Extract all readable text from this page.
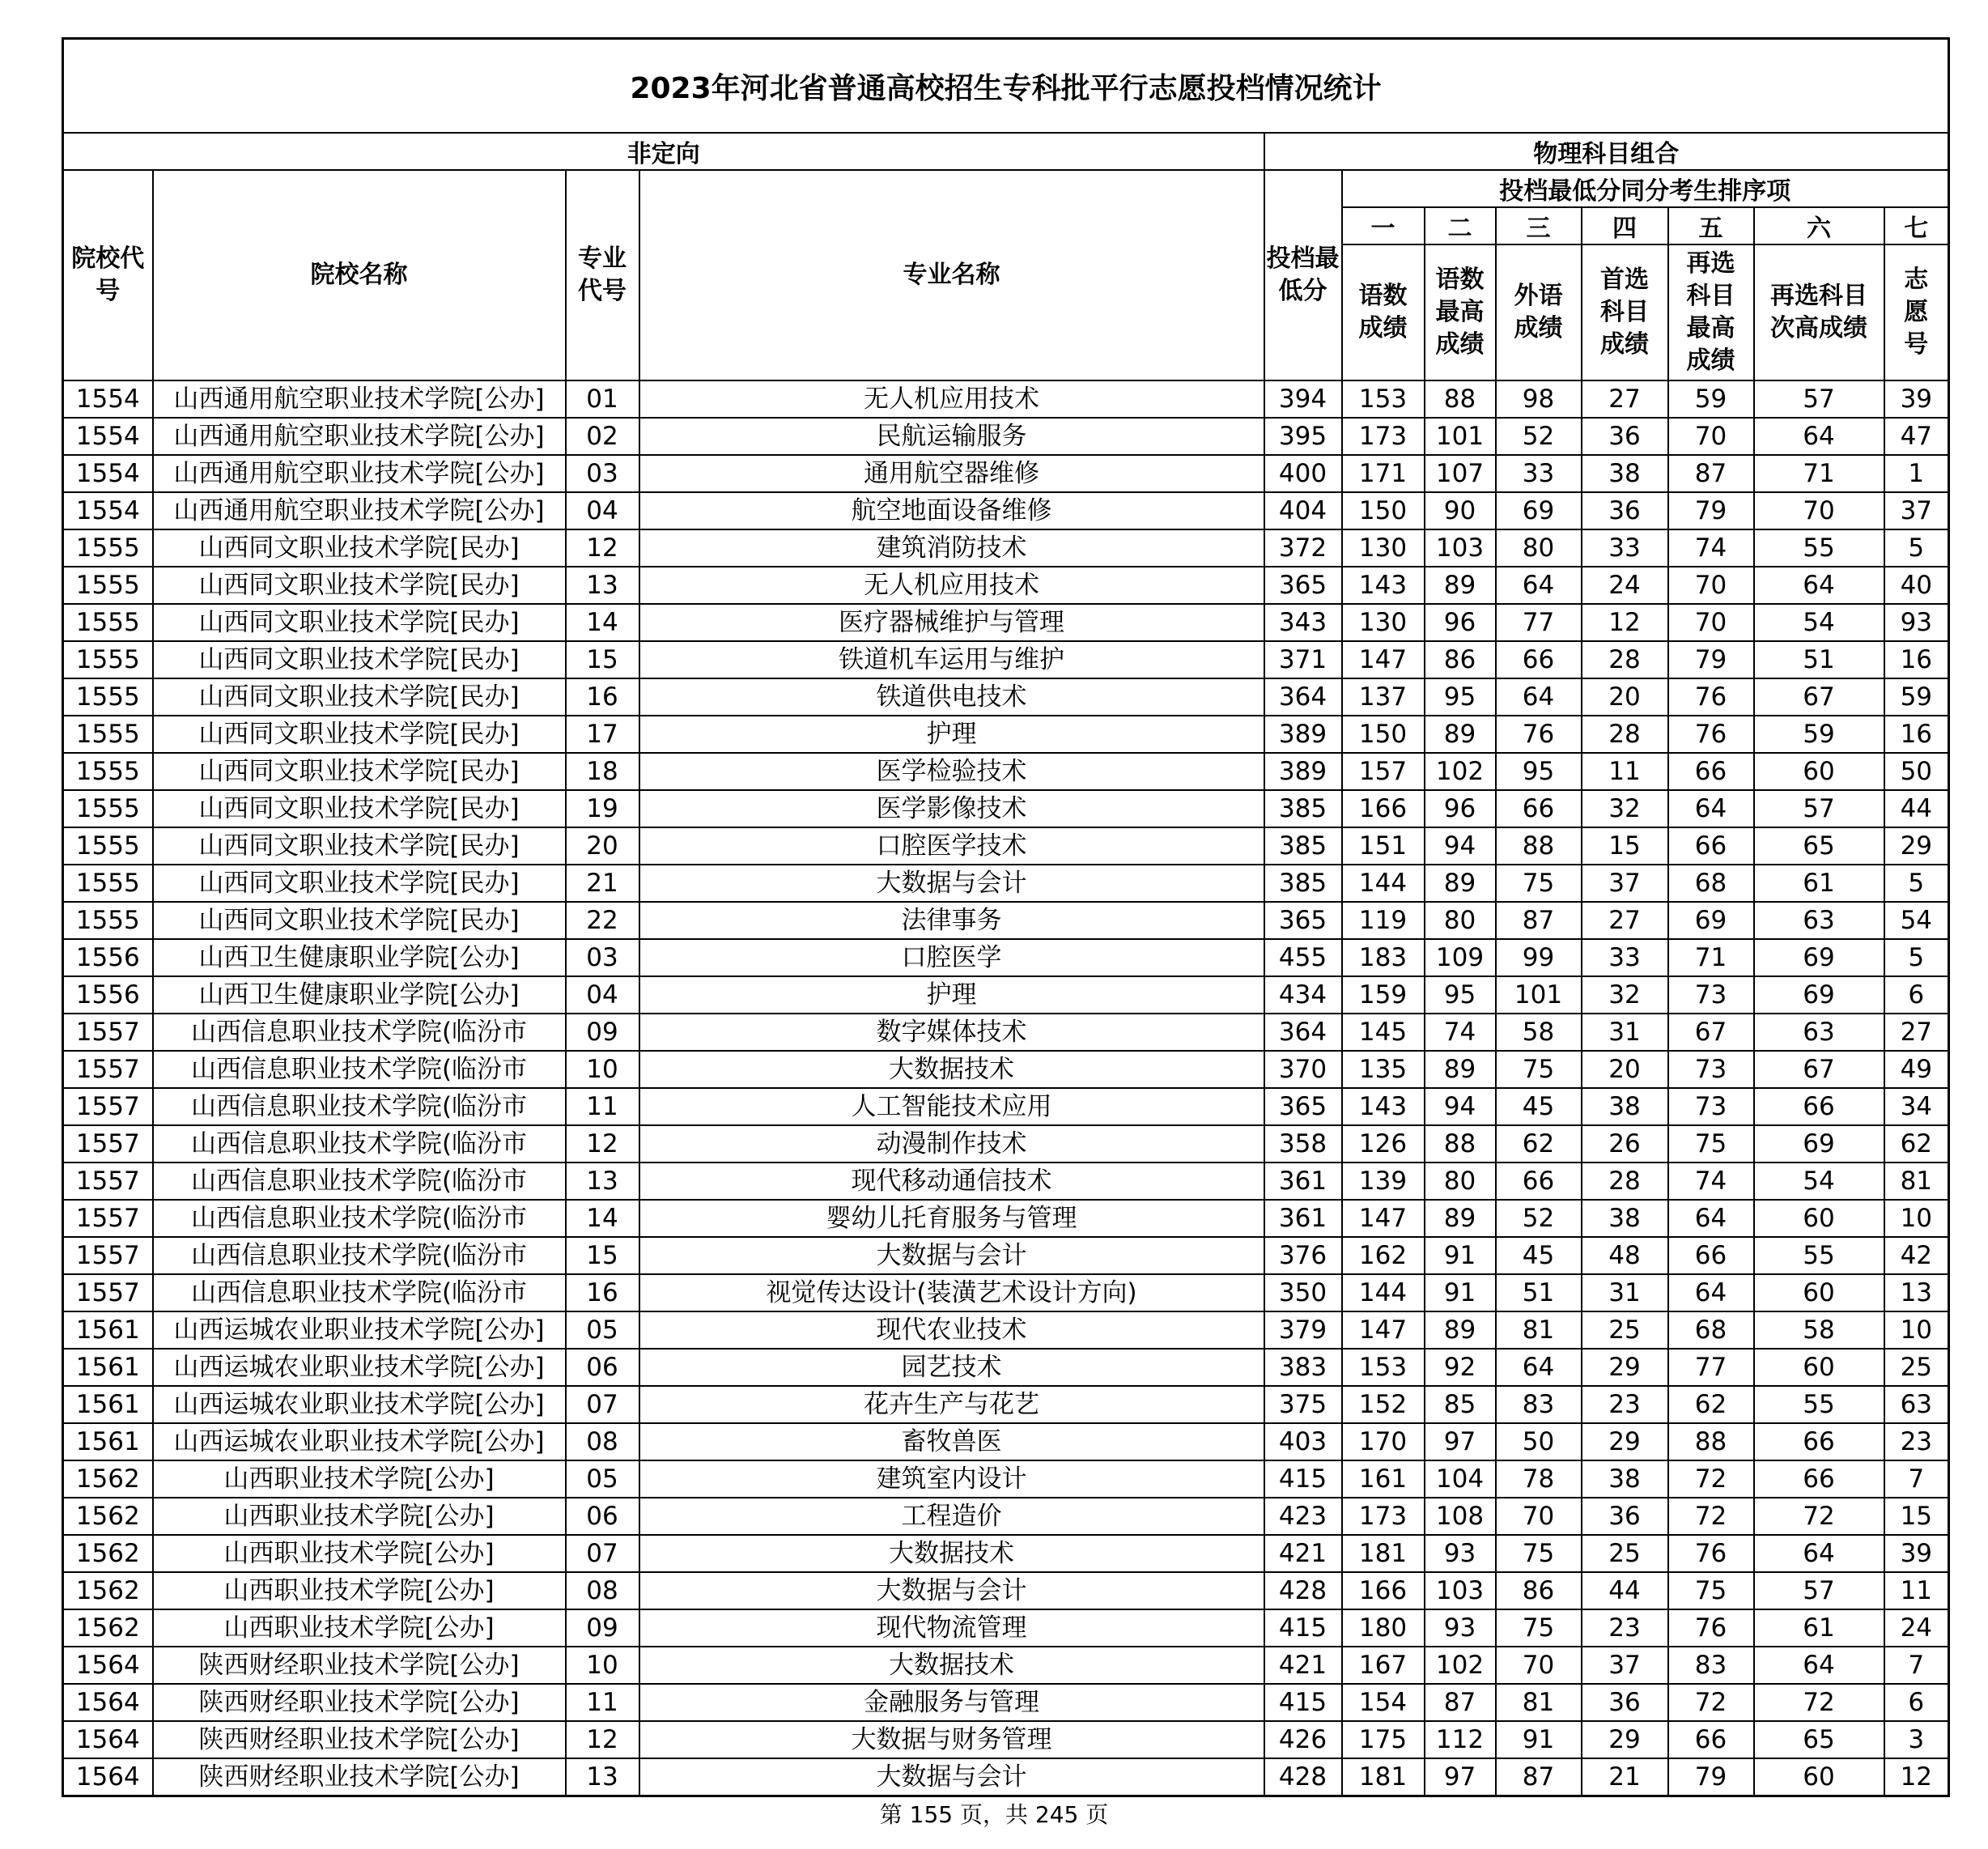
2023年河北省普通高校招生专科批平行志愿投档情况统计											
非定向				物理科目组合							
院校代号	院校名称	专业代号	专业名称	投档最低分	投档最低分同分考生排序项						
					一	二	三	四	五	六	七
					语数成绩	语数最高成绩	外语成绩	首选科目成绩	再选科目最高成绩	再选科目次高成绩	志愿号
1554	山西通用航空职业技术学院[公办]	01	无人机应用技术	394	153	88	98	27	59	57	39
1554	山西通用航空职业技术学院[公办]	02	民航运输服务	395	173	101	52	36	70	64	47
1554	山西通用航空职业技术学院[公办]	03	通用航空器维修	400	171	107	33	38	87	71	1
1554	山西通用航空职业技术学院[公办]	04	航空地面设备维修	404	150	90	69	36	79	70	37
1555	山西同文职业技术学院[民办]	12	建筑消防技术	372	130	103	80	33	74	55	5
1555	山西同文职业技术学院[民办]	13	无人机应用技术	365	143	89	64	24	70	64	40
1555	山西同文职业技术学院[民办]	14	医疗器械维护与管理	343	130	96	77	12	70	54	93
1555	山西同文职业技术学院[民办]	15	铁道机车运用与维护	371	147	86	66	28	79	51	16
1555	山西同文职业技术学院[民办]	16	铁道供电技术	364	137	95	64	20	76	67	59
1555	山西同文职业技术学院[民办]	17	护理	389	150	89	76	28	76	59	16
1555	山西同文职业技术学院[民办]	18	医学检验技术	389	157	102	95	11	66	60	50
1555	山西同文职业技术学院[民办]	19	医学影像技术	385	166	96	66	32	64	57	44
1555	山西同文职业技术学院[民办]	20	口腔医学技术	385	151	94	88	15	66	65	29
1555	山西同文职业技术学院[民办]	21	大数据与会计	385	144	89	75	37	68	61	5
1555	山西同文职业技术学院[民办]	22	法律事务	365	119	80	87	27	69	63	54
1556	山西卫生健康职业学院[公办]	03	口腔医学	455	183	109	99	33	71	69	5
1556	山西卫生健康职业学院[公办]	04	护理	434	159	95	101	32	73	69	6
1557	山西信息职业技术学院(临汾市	09	数字媒体技术	364	145	74	58	31	67	63	27
1557	山西信息职业技术学院(临汾市	10	大数据技术	370	135	89	75	20	73	67	49
1557	山西信息职业技术学院(临汾市	11	人工智能技术应用	365	143	94	45	38	73	66	34
1557	山西信息职业技术学院(临汾市	12	动漫制作技术	358	126	88	62	26	75	69	62
1557	山西信息职业技术学院(临汾市	13	现代移动通信技术	361	139	80	66	28	74	54	81
1557	山西信息职业技术学院(临汾市	14	婴幼儿托育服务与管理	361	147	89	52	38	64	60	10
1557	山西信息职业技术学院(临汾市	15	大数据与会计	376	162	91	45	48	66	55	42
1557	山西信息职业技术学院(临汾市	16	视觉传达设计(装潢艺术设计方向)	350	144	91	51	31	64	60	13
1561	山西运城农业职业技术学院[公办]	05	现代农业技术	379	147	89	81	25	68	58	10
1561	山西运城农业职业技术学院[公办]	06	园艺技术	383	153	92	64	29	77	60	25
1561	山西运城农业职业技术学院[公办]	07	花卉生产与花艺	375	152	85	83	23	62	55	63
1561	山西运城农业职业技术学院[公办]	08	畜牧兽医	403	170	97	50	29	88	66	23
1562	山西职业技术学院[公办]	05	建筑室内设计	415	161	104	78	38	72	66	7
1562	山西职业技术学院[公办]	06	工程造价	423	173	108	70	36	72	72	15
1562	山西职业技术学院[公办]	07	大数据技术	421	181	93	75	25	76	64	39
1562	山西职业技术学院[公办]	08	大数据与会计	428	166	103	86	44	75	57	11
1562	山西职业技术学院[公办]	09	现代物流管理	415	180	93	75	23	76	61	24
1564	陕西财经职业技术学院[公办]	10	大数据技术	421	167	102	70	37	83	64	7
1564	陕西财经职业技术学院[公办]	11	金融服务与管理	415	154	87	81	36	72	72	6
1564	陕西财经职业技术学院[公办]	12	大数据与财务管理	426	175	112	91	29	66	65	3
1564	陕西财经职业技术学院[公办]	13	大数据与会计	428	181	97	87	21	79	60	12
第 155 页，共 245 页
